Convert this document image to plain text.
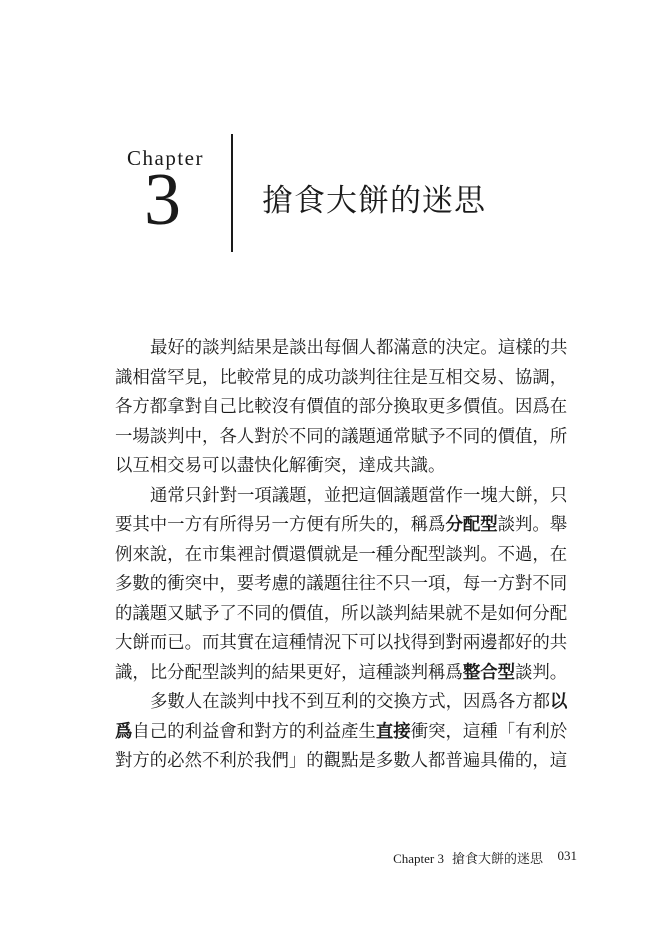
Chapter
3	搶食大餅的迷思
最好的談判結果是談出每個人都滿意的決定。這樣的共
識相當罕見，比較常見的成功談判往往是互相交易、協調，
各方都拿對自己比較沒有價值的部分換取更多價值。因爲在
一場談判中，各人對於不同的議題通常賦予不同的價值，所
以互相交易可以盡快化解衝突，達成共識。
通常只針對一項議題，並把這個議題當作一塊大餅，只
要其中一方有所得另一方便有所失的，稱爲分配型談判。舉
例來說，在市集裡討價還價就是一種分配型談判。不過，在
多數的衝突中，要考慮的議題往往不只一項，每一方對不同
的議題又賦予了不同的價值，所以談判結果就不是如何分配
大餅而已。而其實在這種情況下可以找得到對兩邊都好的共
識，比分配型談判的結果更好，這種談判稱爲整合型談判。
多數人在談判中找不到互利的交換方式，因爲各方都以
爲自己的利益會和對方的利益產生直接衝突，這種「有利於
對方的必然不利於我們」的觀點是多數人都普遍具備的，這
Chapter 3 搶食大餅的迷思 031
